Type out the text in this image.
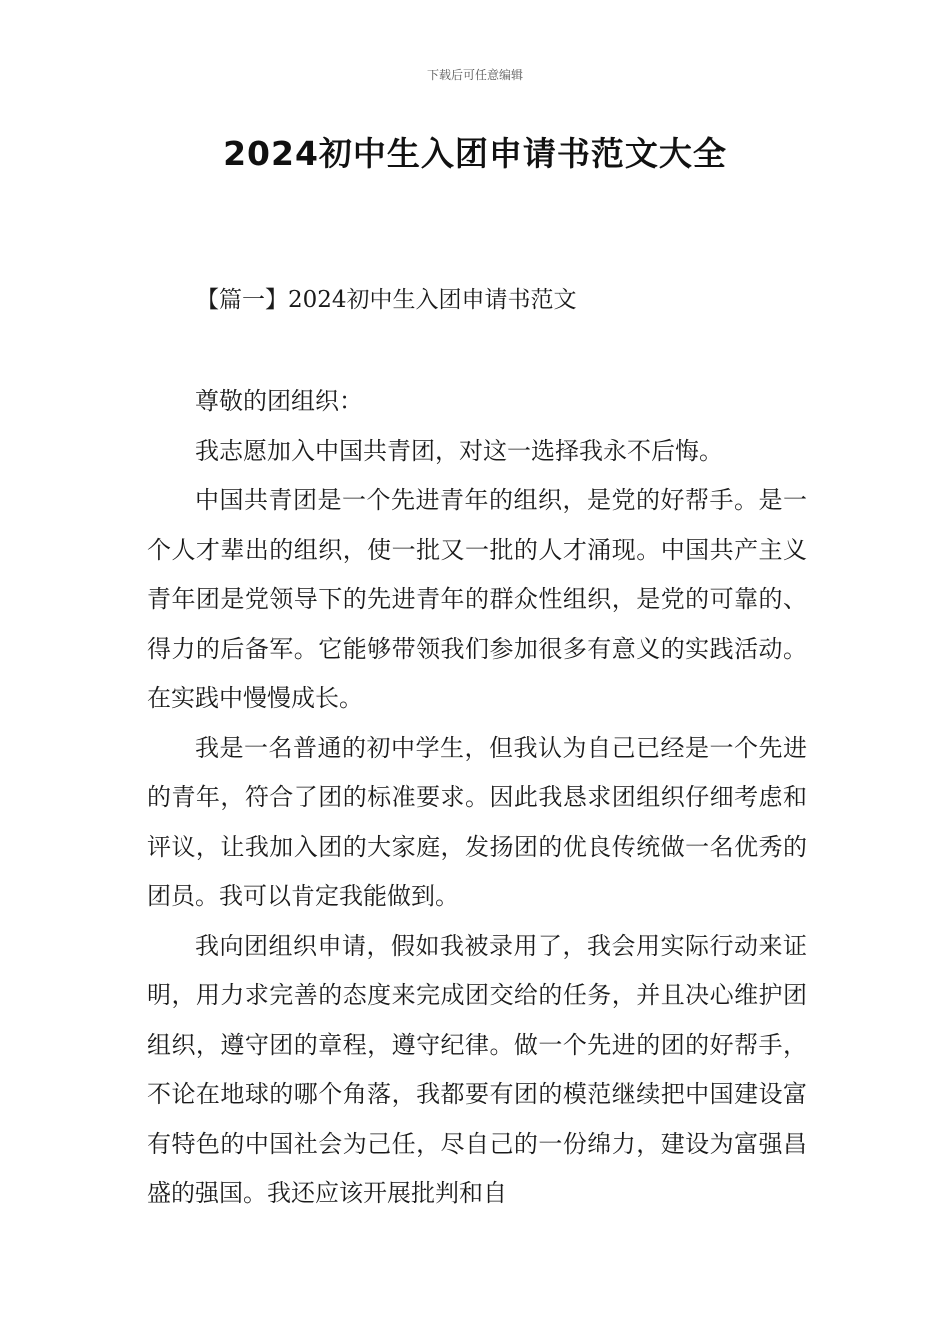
下载后可任意编辑
2024初中生入团申请书范文大全
【篇一】2024初中生入团申请书范文

尊敬的团组织：

我志愿加入中国共青团，对这一选择我永不后悔。

中国共青团是一个先进青年的组织，是党的好帮手。是一个人才辈出的组织，使一批又一批的人才涌现。中国共产主义青年团是党领导下的先进青年的群众性组织，是党的可靠的、得力的后备军。它能够带领我们参加很多有意义的实践活动。在实践中慢慢成长。

我是一名普通的初中学生，但我认为自己已经是一个先进的青年，符合了团的标准要求。因此我恳求团组织仔细考虑和评议，让我加入团的大家庭，发扬团的优良传统做一名优秀的团员。我可以肯定我能做到。

我向团组织申请，假如我被录用了，我会用实际行动来证明，用力求完善的态度来完成团交给的任务，并且决心维护团组织，遵守团的章程，遵守纪律。做一个先进的团的好帮手，不论在地球的哪个角落，我都要有团的模范继续把中国建设富有特色的中国社会为己任，尽自己的一份绵力，建设为富强昌盛的强国。我还应该开展批判和自
